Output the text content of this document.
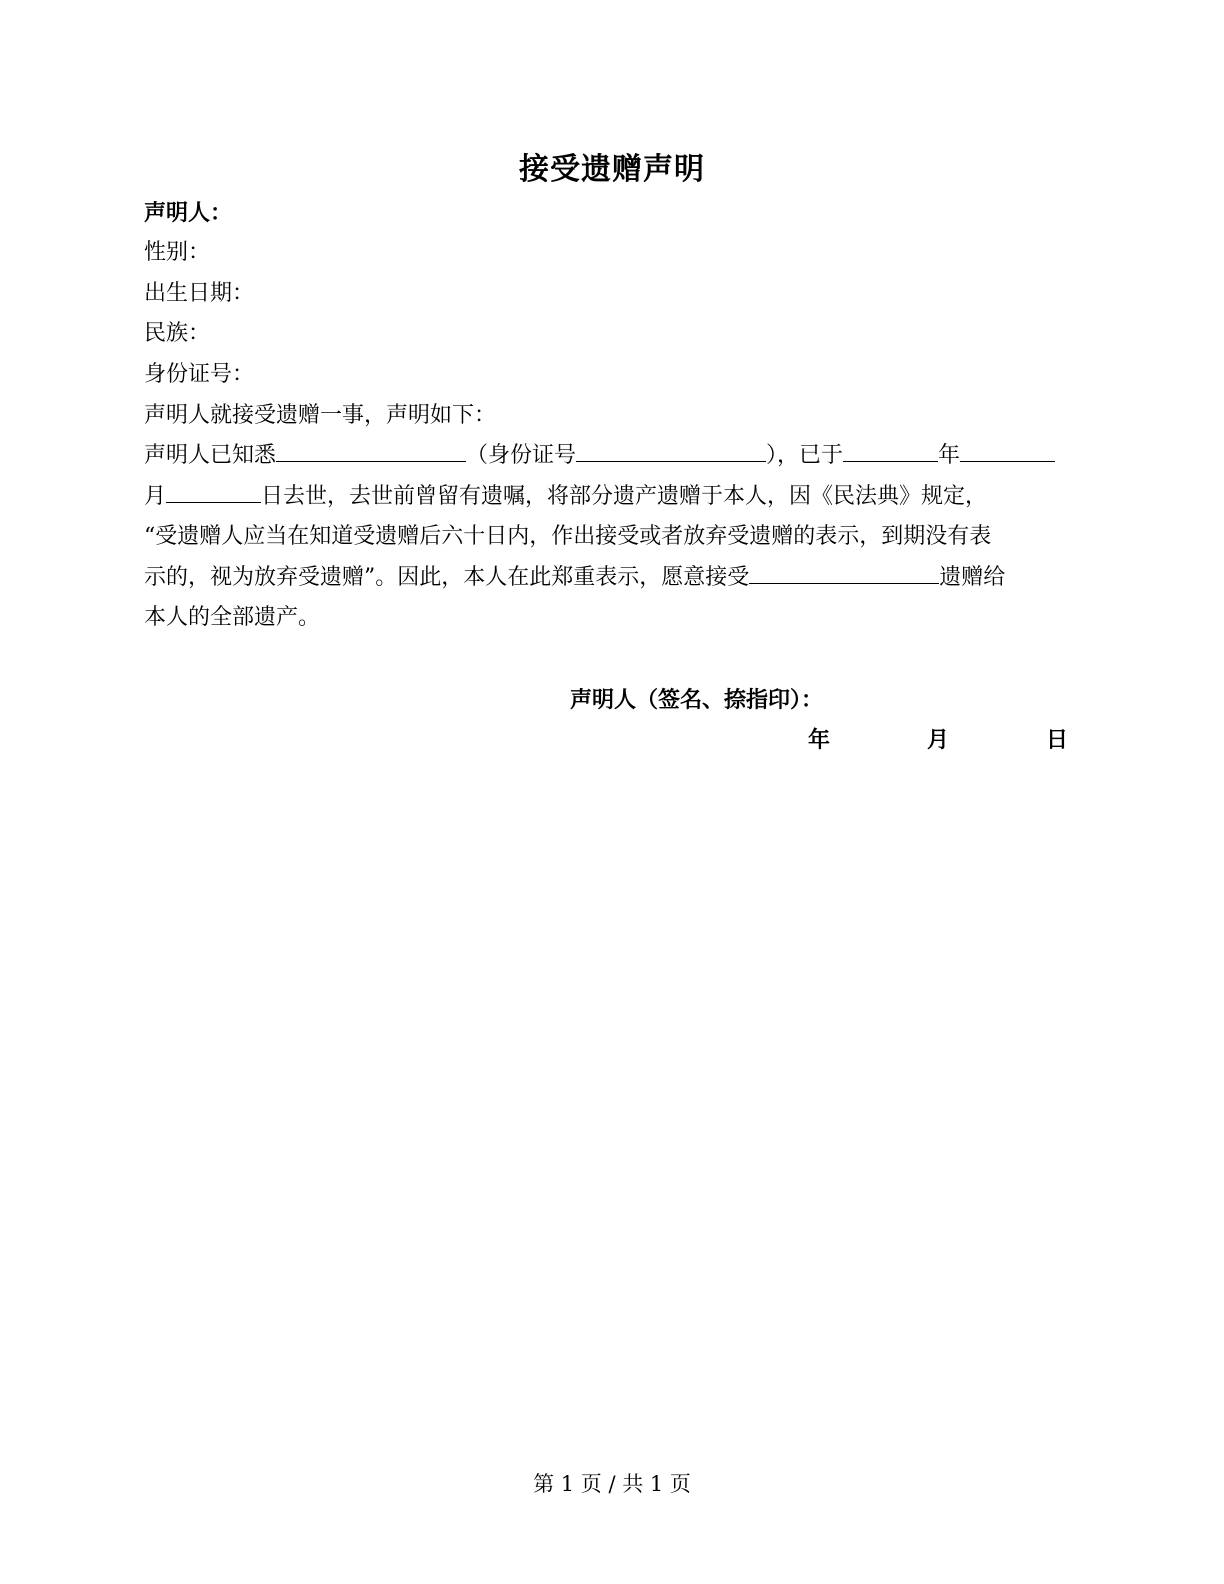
接受遗赠声明
声明人：
性别：
出生日期：
民族：
身份证号：
声明人就接受遗赠一事，声明如下：
声明人已知悉	（身份证号	），已于	年
月	日去世，去世前曾留有遗嘱，将部分遗产遗赠于本人，因《民法典》规定，
“受遗赠人应当在知道受遗赠后六十日内，作出接受或者放弃受遗赠的表示，到期没有表
示的，视为放弃受遗赠”。因此，本人在此郑重表示，愿意接受	遗赠给
本人的全部遗产。
声明人（签名、捺指印）：
年	月	日
第 1 页 / 共 1 页
